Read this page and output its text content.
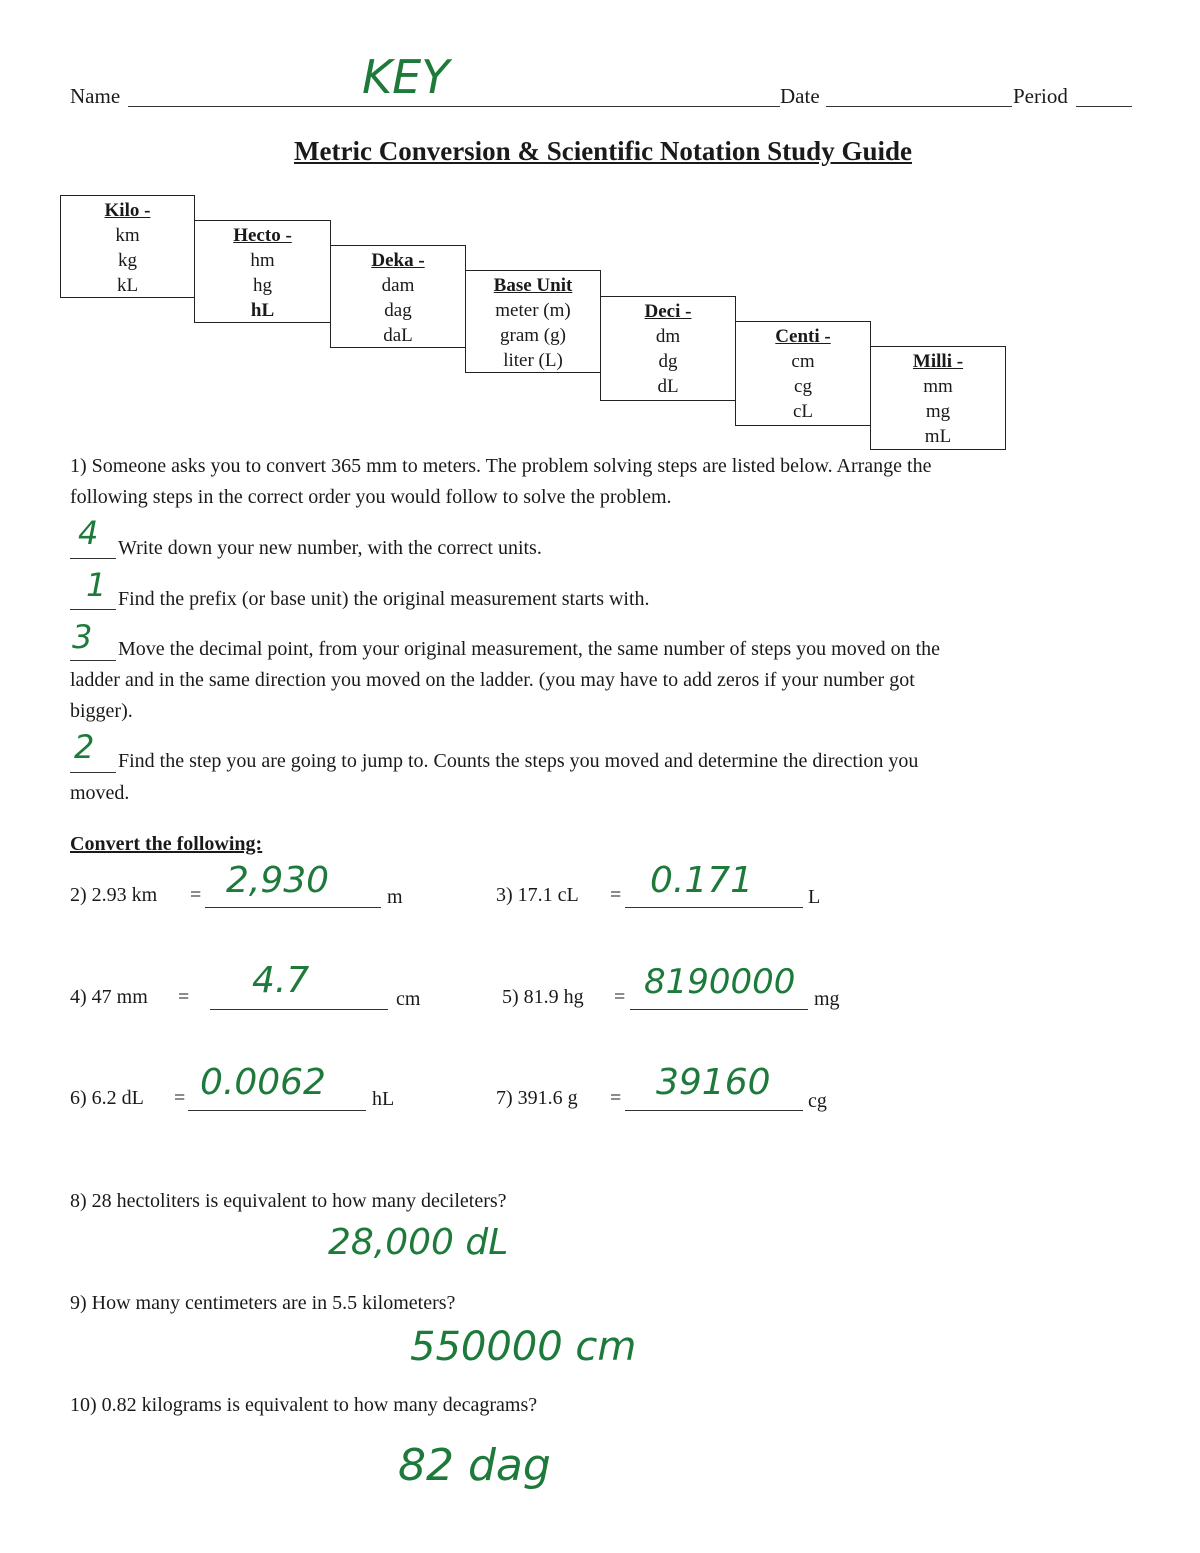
Name	KEY	Date	Period
Metric Conversion & Scientific Notation Study Guide
Kilo -
km
kg
kL
Hecto -
hm
hg
hL
Deka -
dam
dag
daL
Base Unit
meter (m)
gram (g)
liter (L)
Deci -
dm
dg
dL
Centi -
cm
cg
cL
Milli -
mm
mg
mL
1) Someone asks you to convert 365 mm to meters. The problem solving steps are listed below. Arrange the
following steps in the correct order you would follow to solve the problem.
4 Write down your new number, with the correct units.
1 Find the prefix (or base unit) the original measurement starts with.
3 Move the decimal point, from your original measurement, the same number of steps you moved on the
ladder and in the same direction you moved on the ladder. (you may have to add zeros if your number got
bigger).
2 Find the step you are going to jump to. Counts the steps you moved and determine the direction you
moved.
Convert the following:
2) 2.93 km = 2,930	m	3) 17.1 cL = 0.171	L
4) 47 mm = 4.7	cm	5) 81.9 hg = 8190000 mg
6) 6.2 dL = 0.0062 hL	7) 391.6 g = 39160 cg
8) 28 hectoliters is equivalent to how many decileters?
28,000 dL
9) How many centimeters are in 5.5 kilometers?
550000 cm
10) 0.82 kilograms is equivalent to how many decagrams?
82 dag
